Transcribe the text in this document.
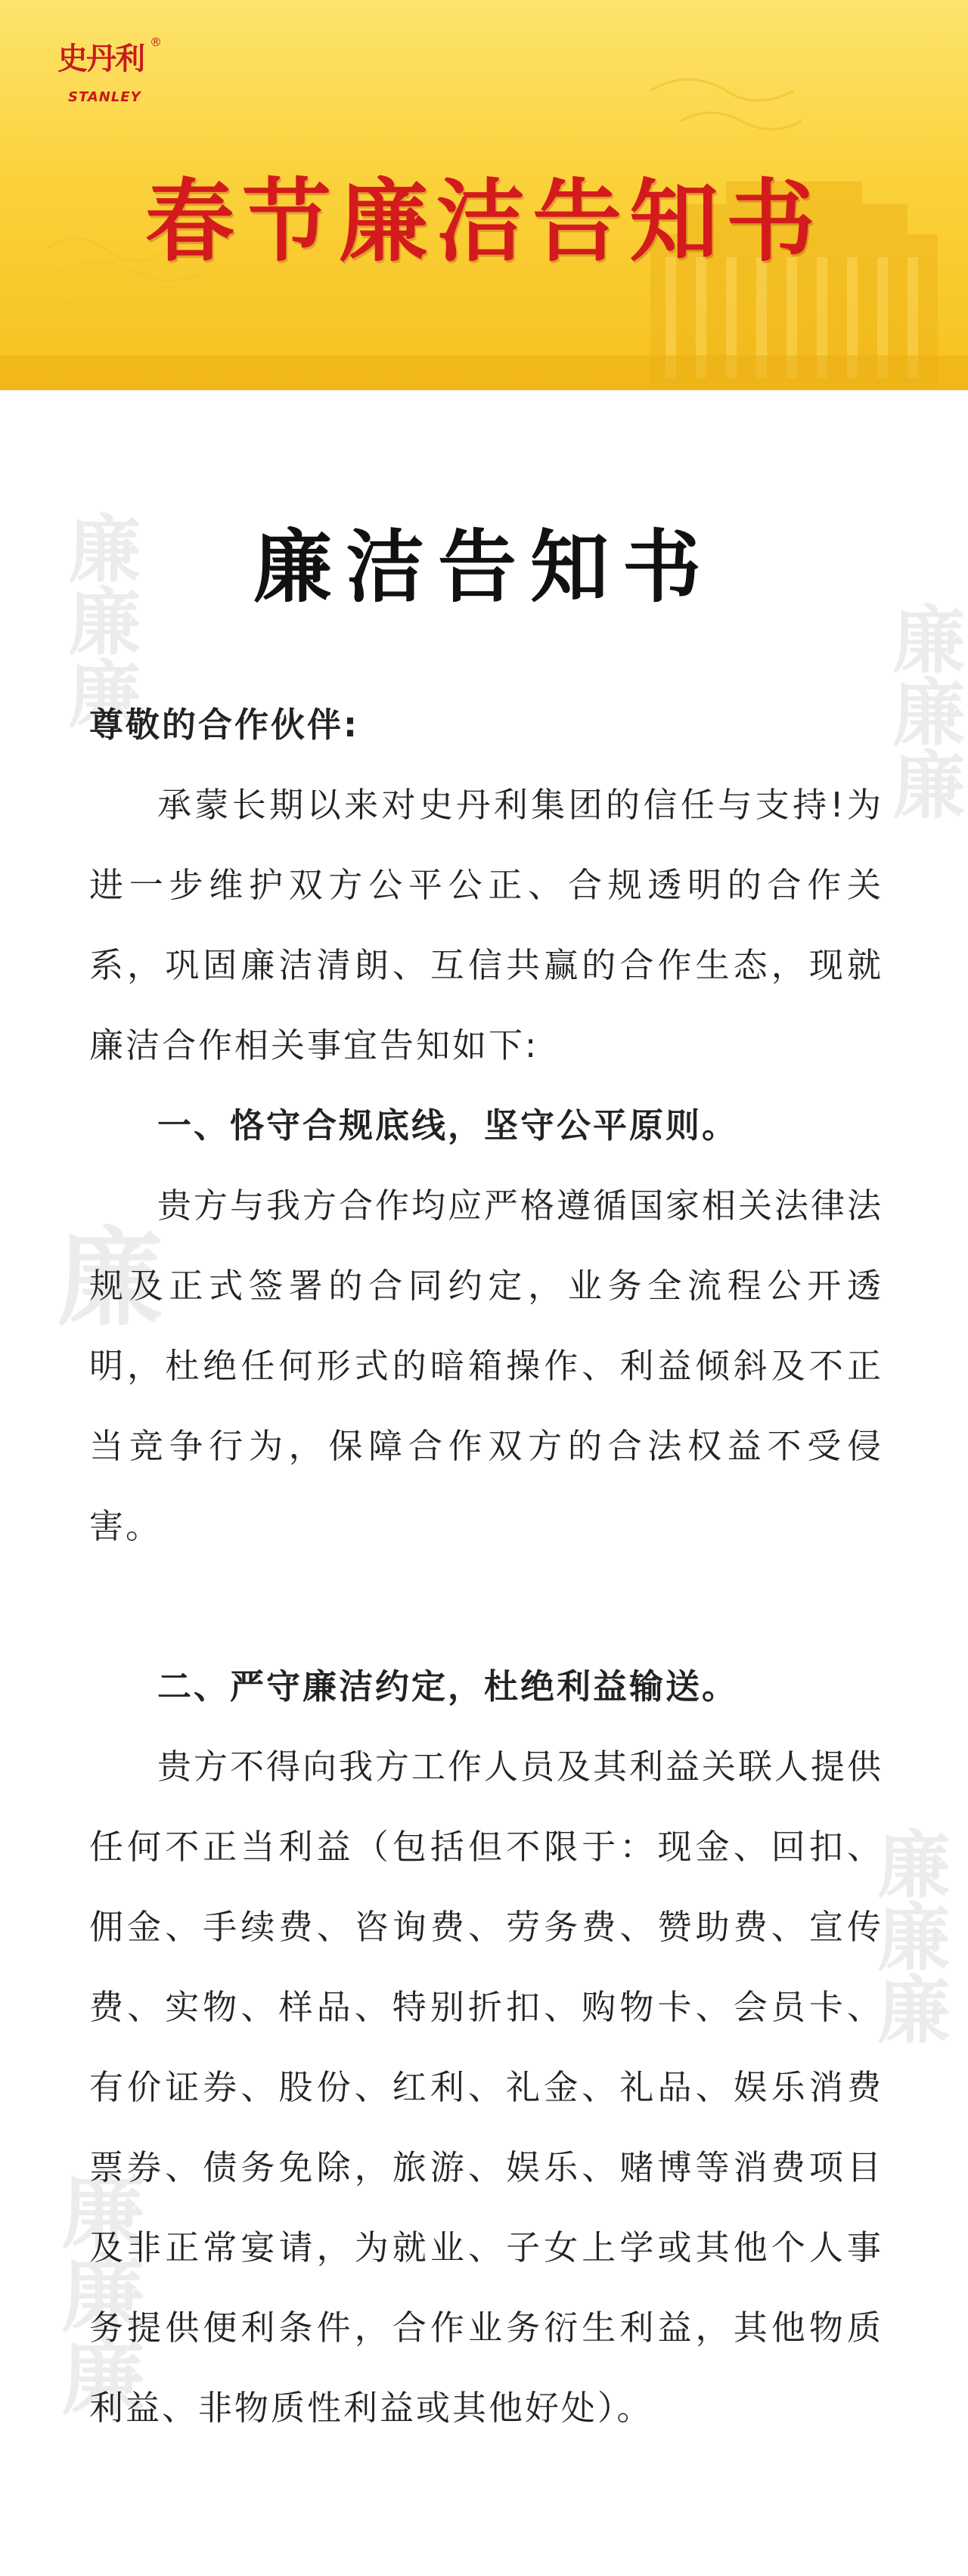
史丹利 ®
STANLEY
春节廉洁告知书
廉廉廉	廉廉廉
廉
廉廉廉
廉廉廉
廉洁告知书

尊敬的合作伙伴:

承蒙长期以来对史丹利集团的信任与支持!为进一步维护双方公平公正、合规透明的合作关系，巩固廉洁清朗、互信共赢的合作生态，现就廉洁合作相关事宜告知如下:

一、恪守合规底线，坚守公平原则。

贵方与我方合作均应严格遵循国家相关法律法规及正式签署的合同约定，业务全流程公开透明，杜绝任何形式的暗箱操作、利益倾斜及不正当竞争行为，保障合作双方的合法权益不受侵害。

二、严守廉洁约定，杜绝利益输送。

贵方不得向我方工作人员及其利益关联人提供任何不正当利益（包括但不限于：现金、回扣、佣金、手续费、咨询费、劳务费、赞助费、宣传费、实物、样品、特别折扣、购物卡、会员卡、有价证券、股份、红利、礼金、礼品、娱乐消费票券、债务免除，旅游、娱乐、赌博等消费项目及非正常宴请，为就业、子女上学或其他个人事务提供便利条件，合作业务衍生利益，其他物质利益、非物质性利益或其他好处）。
